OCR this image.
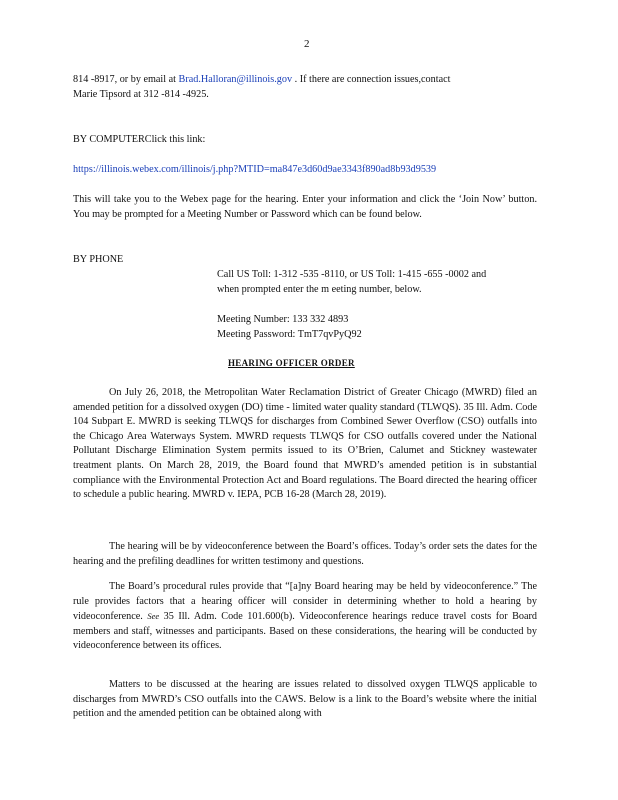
2
814 -8917, or by email at Brad.Halloran@illinois.gov . If there are connection issues,contact
Marie Tipsord at 312 -814 -4925.
BY COMPUTERClick this link:
https://illinois.webex.com/illinois/j.php?MTID=ma847e3d60d9ae3343f890ad8b93d9539
This will take you to the Webex page for the hearing. Enter your information and click the ‘Join Now’ button. You may be prompted for a Meeting Number or Password which can be found below.
BY PHONE
Call US Toll: 1-312 -535 -8110, or US Toll: 1-415 -655 -0002 and
when prompted enter the m eeting number, below.
Meeting Number: 133 332 4893
Meeting Password: TmT7qvPyQ92
HEARING OFFICER ORDER
On July 26, 2018, the Metropolitan Water Reclamation District of Greater Chicago (MWRD) filed an amended petition for a dissolved oxygen (DO) time - limited water quality standard (TLWQS). 35 Ill. Adm. Code 104 Subpart E. MWRD is seeking TLWQS for discharges from Combined Sewer Overflow (CSO) outfalls into the Chicago Area Waterways System. MWRD requests TLWQS for CSO outfalls covered under the National Pollutant Discharge Elimination System permits issued to its O’Brien, Calumet and Stickney wastewater treatment plants. On March 28, 2019, the Board found that MWRD’s amended petition is in substantial compliance with the Environmental Protection Act and Board regulations. The Board directed the hearing officer to schedule a public hearing. MWRD v. IEPA, PCB 16-28 (March 28, 2019).
The hearing will be by videoconference between the Board’s offices. Today’s order sets the dates for the hearing and the prefiling deadlines for written testimony and questions.
The Board’s procedural rules provide that “[a]ny Board hearing may be held by videoconference.” The rule provides factors that a hearing officer will consider in determining whether to hold a hearing by videoconference. See 35 Ill. Adm. Code 101.600(b). Videoconference hearings reduce travel costs for Board members and staff, witnesses and participants. Based on these considerations, the hearing will be conducted by videoconference between its offices.
Matters to be discussed at the hearing are issues related to dissolved oxygen TLWQS applicable to discharges from MWRD’s CSO outfalls into the CAWS. Below is a link to the Board’s website where the initial petition and the amended petition can be obtained along with
